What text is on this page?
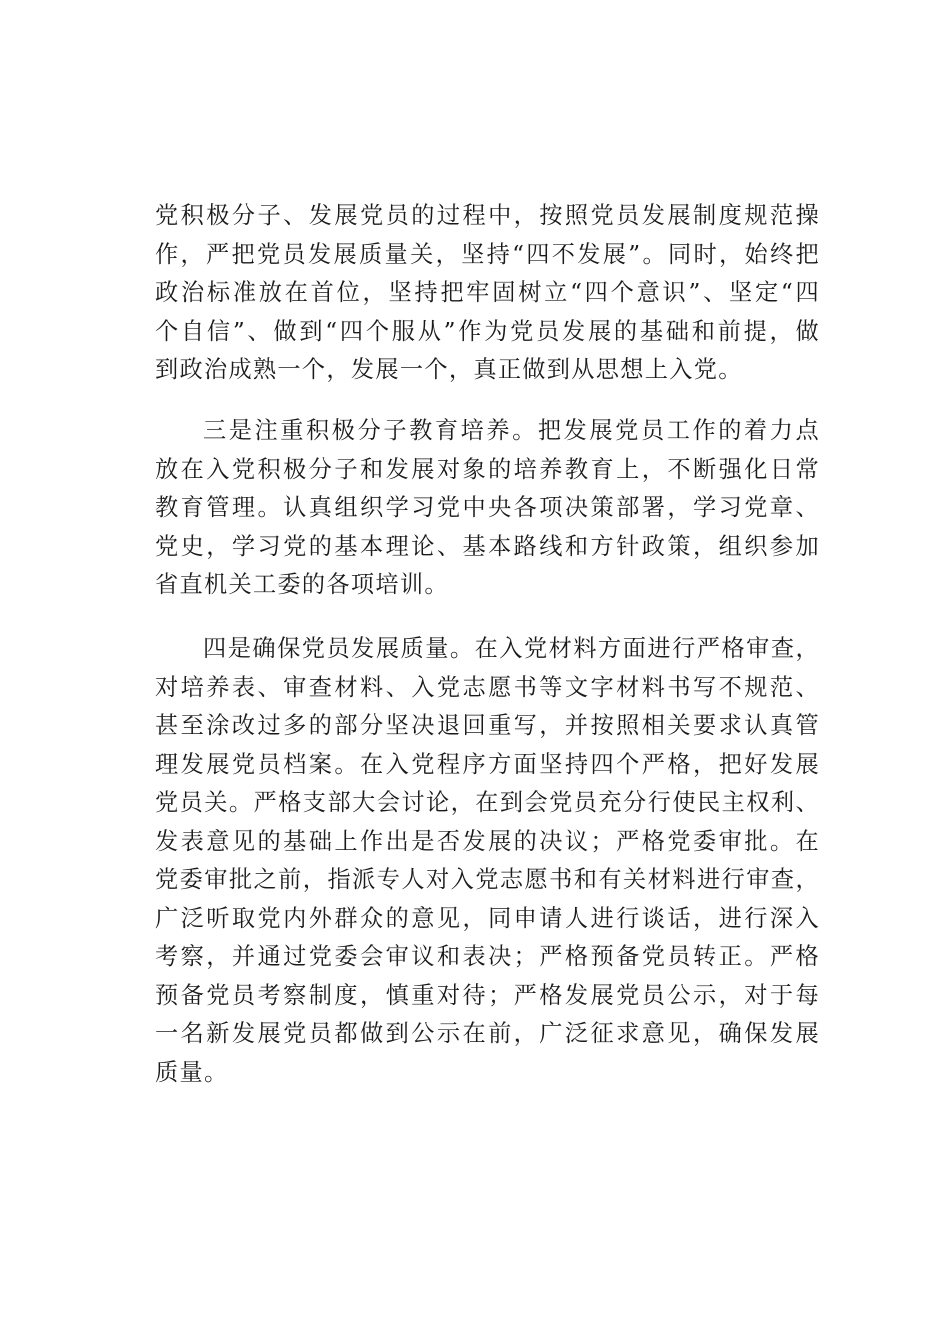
党积极分子、发展党员的过程中，按照党员发展制度规范操
作，严把党员发展质量关，坚持“四不发展”。同时，始终把
政治标准放在首位，坚持把牢固树立“四个意识”、坚定“四
个自信”、做到“四个服从”作为党员发展的基础和前提，做
到政治成熟一个，发展一个，真正做到从思想上入党。
三是注重积极分子教育培养。把发展党员工作的着力点
放在入党积极分子和发展对象的培养教育上，不断强化日常
教育管理。认真组织学习党中央各项决策部署，学习党章、
党史，学习党的基本理论、基本路线和方针政策，组织参加
省直机关工委的各项培训。
四是确保党员发展质量。在入党材料方面进行严格审查，
对培养表、审查材料、入党志愿书等文字材料书写不规范、
甚至涂改过多的部分坚决退回重写，并按照相关要求认真管
理发展党员档案。在入党程序方面坚持四个严格，把好发展
党员关。严格支部大会讨论，在到会党员充分行使民主权利、
发表意见的基础上作出是否发展的决议；严格党委审批。在
党委审批之前，指派专人对入党志愿书和有关材料进行审查，
广泛听取党内外群众的意见，同申请人进行谈话，进行深入
考察，并通过党委会审议和表决；严格预备党员转正。严格
预备党员考察制度，慎重对待；严格发展党员公示，对于每
一名新发展党员都做到公示在前，广泛征求意见，确保发展
质量。
